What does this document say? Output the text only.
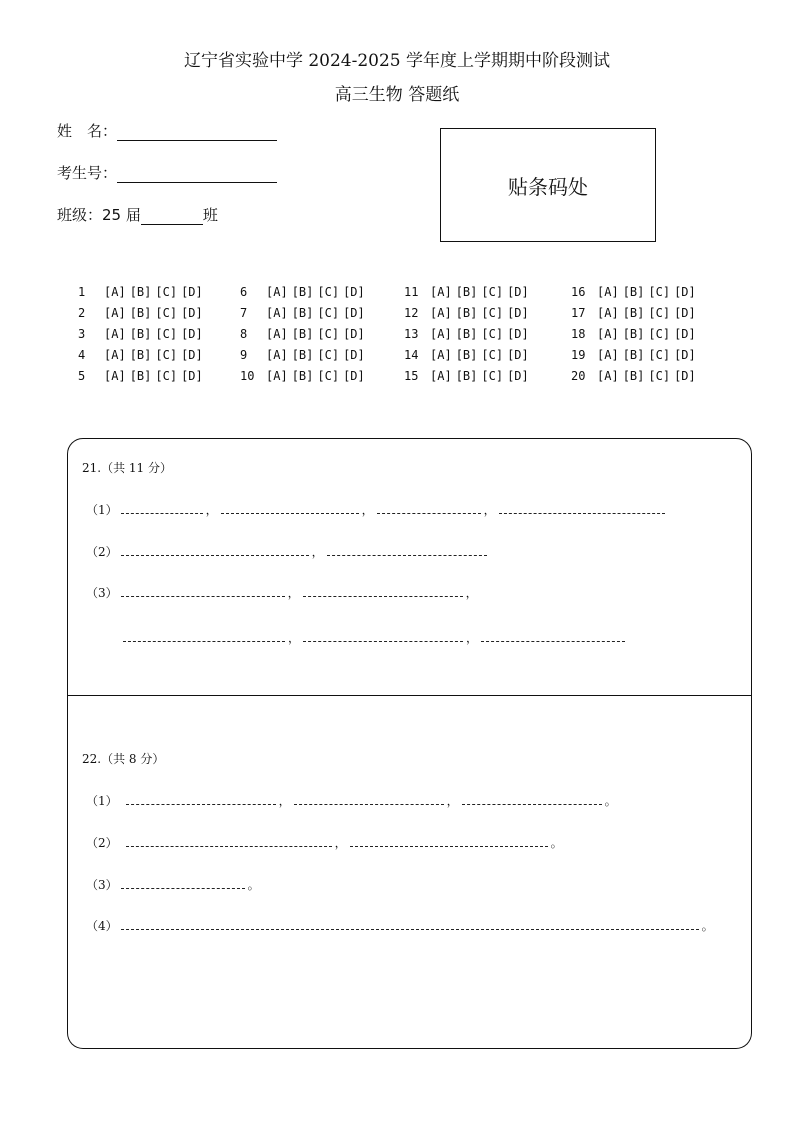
辽宁省实验中学 2024-2025 学年度上学期期中阶段测试
高三生物 答题纸
姓　名：
考生号：
班级：25 届	班
贴条码处
1 [A] [B] [C] [D]
2 [A] [B] [C] [D]
3 [A] [B] [C] [D]
4 [A] [B] [C] [D]
5 [A] [B] [C] [D]
6 [A] [B] [C] [D]
7 [A] [B] [C] [D]
8 [A] [B] [C] [D]
9 [A] [B] [C] [D]
10 [A] [B] [C] [D]
11 [A] [B] [C] [D]
12 [A] [B] [C] [D]
13 [A] [B] [C] [D]
14 [A] [B] [C] [D]
15 [A] [B] [C] [D]
16 [A] [B] [C] [D]
17 [A] [B] [C] [D]
18 [A] [B] [C] [D]
19 [A] [B] [C] [D]
20 [A] [B] [C] [D]
21.（共 11 分）
（1）	，	，	，
（2）	，
（3）	，	，
，	，
22.（共 8 分）
（1）	，	，	。
（2）	，	。
（3）	。
（4）	。
